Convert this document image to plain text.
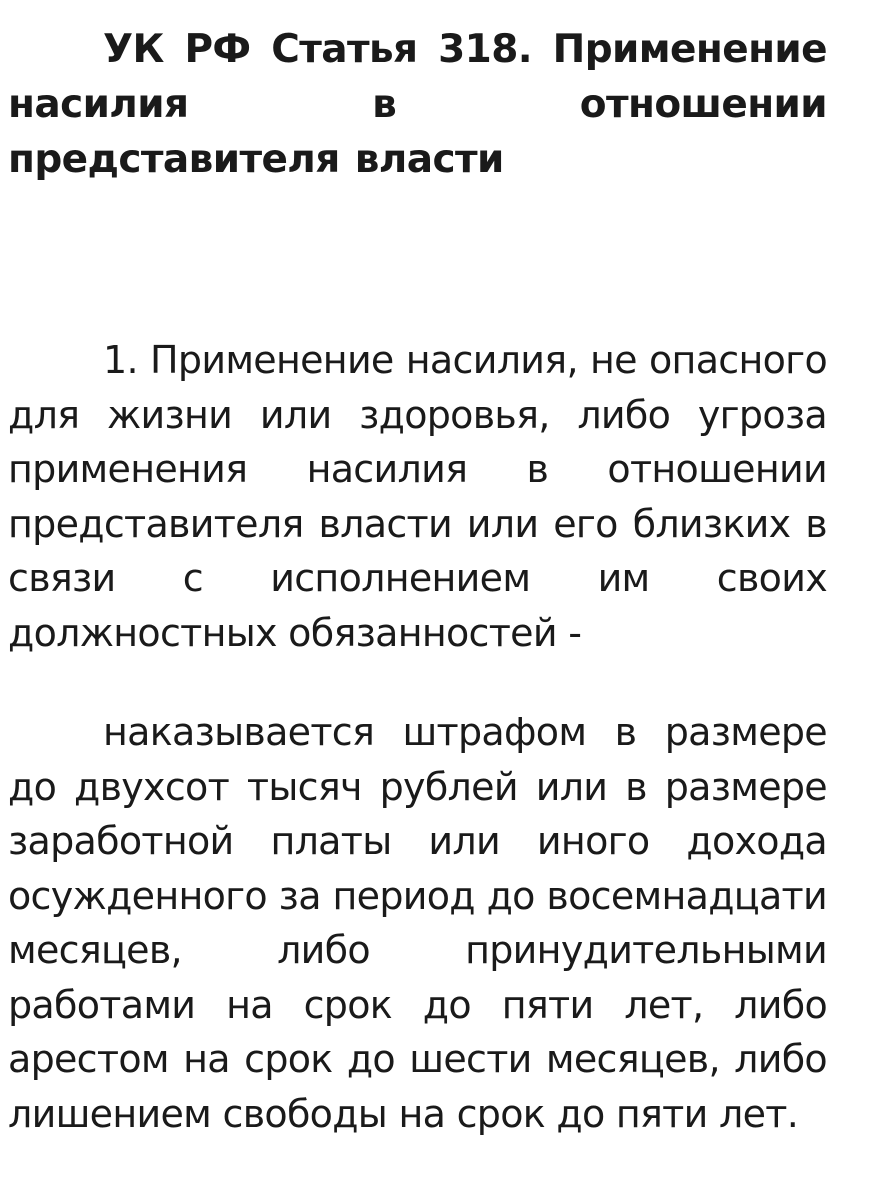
УК РФ Статья 318. Применение насилия в отношении представителя власти

1. Применение насилия, не опасного для жизни или здоровья, либо угроза применения насилия в отношении представителя власти или его близких в связи с исполнением им своих должностных обязанностей -

наказывается штрафом в размере до двухсот тысяч рублей или в размере заработной платы или иного дохода осужденного за период до восемнадцати месяцев, либо принудительными работами на срок до пяти лет, либо арестом на срок до шести месяцев, либо лишением свободы на срок до пяти лет.
